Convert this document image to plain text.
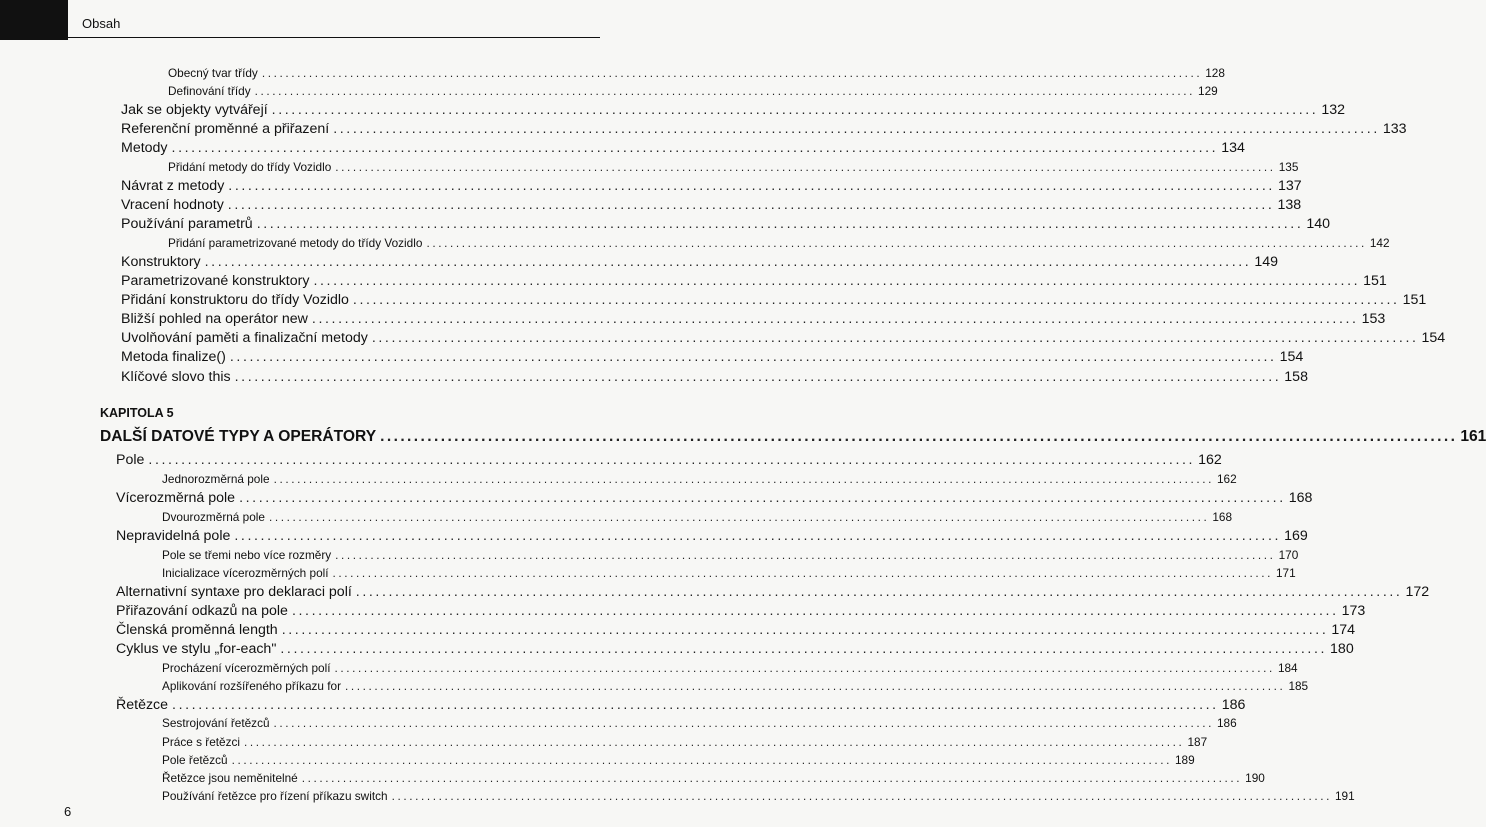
Obsah
Obecný tvar třídy ................................................................................................................................................................ 128
Definování třídy ................................................................................................................................................................ 129
Jak se objekty vytvářejí ................................................................................................................................................................ 132
Referenční proměnné a přiřazení ................................................................................................................................................................ 133
Metody ................................................................................................................................................................ 134
Přidání metody do třídy Vozidlo ................................................................................................................................................................ 135
Návrat z metody ................................................................................................................................................................ 137
Vracení hodnoty ................................................................................................................................................................ 138
Používání parametrů ................................................................................................................................................................ 140
Přidání parametrizované metody do třídy Vozidlo ................................................................................................................................................................ 142
Konstruktory ................................................................................................................................................................ 149
Parametrizované konstruktory ................................................................................................................................................................ 151
Přidání konstruktoru do třídy Vozidlo ................................................................................................................................................................ 151
Bližší pohled na operátor new ................................................................................................................................................................ 153
Uvolňování paměti a finalizační metody ................................................................................................................................................................ 154
Metoda finalize() ................................................................................................................................................................ 154
Klíčové slovo this ................................................................................................................................................................ 158
KAPITOLA 5
DALŠÍ DATOVÉ TYPY A OPERÁTORY ................................................................................................................................................................ 161
Pole ................................................................................................................................................................ 162
Jednorozměrná pole ................................................................................................................................................................ 162
Vícerozměrná pole ................................................................................................................................................................ 168
Dvourozměrná pole ................................................................................................................................................................ 168
Nepravidelná pole ................................................................................................................................................................ 169
Pole se třemi nebo více rozměry ................................................................................................................................................................ 170
Inicializace vícerozměrných polí ................................................................................................................................................................ 171
Alternativní syntaxe pro deklaraci polí ................................................................................................................................................................ 172
Přiřazování odkazů na pole ................................................................................................................................................................ 173
Členská proměnná length ................................................................................................................................................................ 174
Cyklus ve stylu „for-each" ................................................................................................................................................................ 180
Procházení vícerozměrných polí ................................................................................................................................................................ 184
Aplikování rozšířeného příkazu for ................................................................................................................................................................ 185
Řetězce ................................................................................................................................................................ 186
Sestrojování řetězců ................................................................................................................................................................ 186
Práce s řetězci ................................................................................................................................................................ 187
Pole řetězců ................................................................................................................................................................ 189
Řetězce jsou neměnitelné ................................................................................................................................................................ 190
Používání řetězce pro řízení příkazu switch ................................................................................................................................................................ 191
6
